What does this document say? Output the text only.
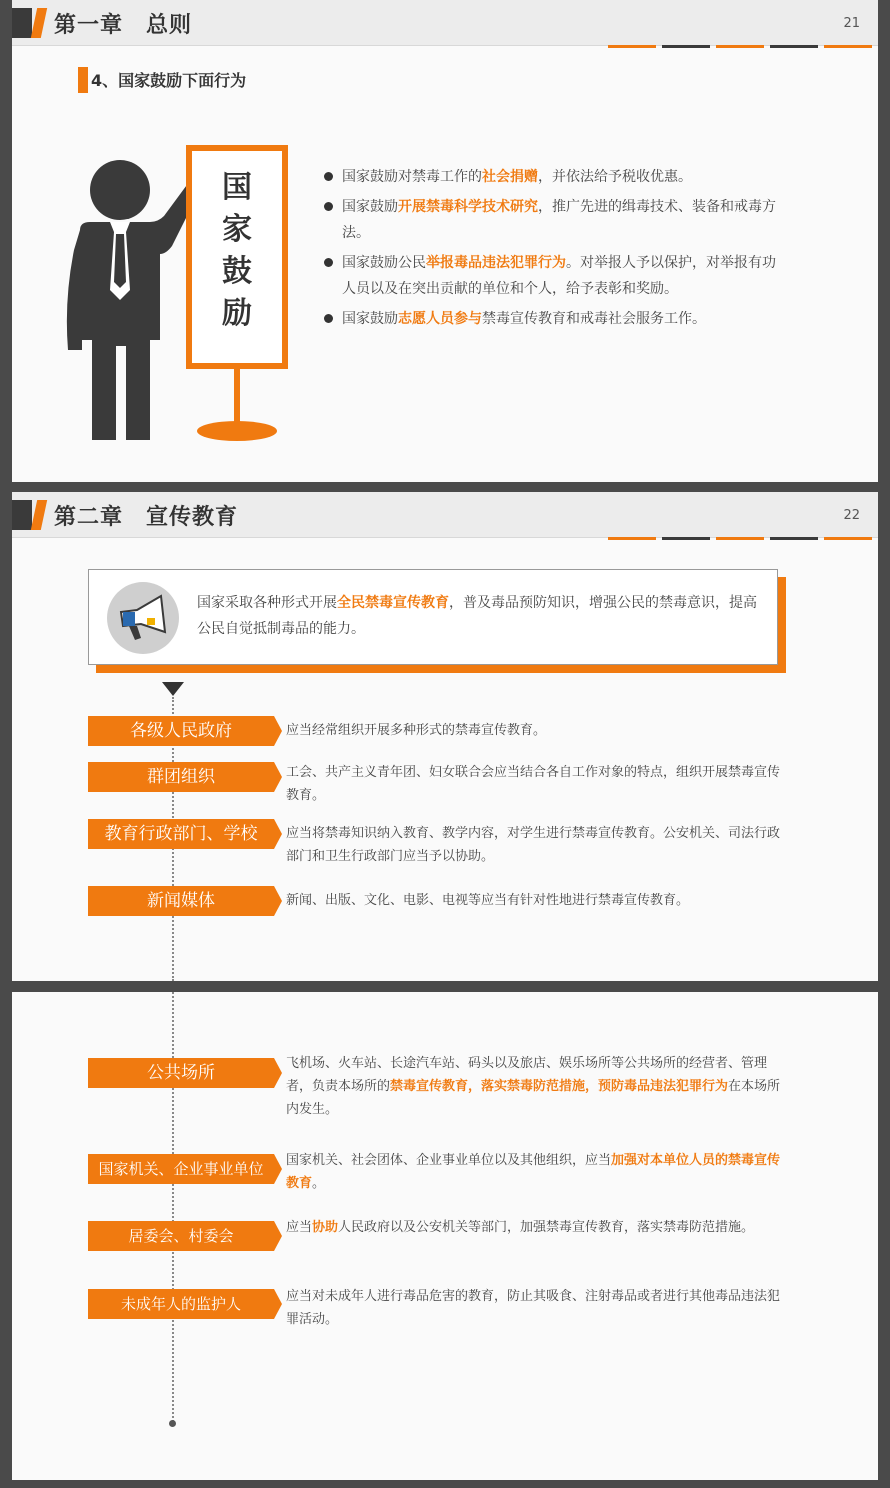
第一章　总则	21
4、国家鼓励下面行为
国
家
鼓
励
国家鼓励对禁毒工作的社会捐赠，并依法给予税收优惠。
国家鼓励开展禁毒科学技术研究，推广先进的缉毒技术、装备和戒毒方法。
国家鼓励公民举报毒品违法犯罪行为。对举报人予以保护，对举报有功人员以及在突出贡献的单位和个人，给予表彰和奖励。
国家鼓励志愿人员参与禁毒宣传教育和戒毒社会服务工作。
第二章　宣传教育	22
国家采取各种形式开展全民禁毒宣传教育，普及毒品预防知识，增强公民的禁毒意识，提高公民自觉抵制毒品的能力。
各级人民政府	应当经常组织开展多种形式的禁毒宣传教育。
群团组织	工会、共产主义青年团、妇女联合会应当结合各自工作对象的特点，组织开展禁毒宣传教育。
教育行政部门、学校	应当将禁毒知识纳入教育、教学内容，对学生进行禁毒宣传教育。公安机关、司法行政部门和卫生行政部门应当予以协助。
新闻媒体	新闻、出版、文化、电影、电视等应当有针对性地进行禁毒宣传教育。
公共场所	飞机场、火车站、长途汽车站、码头以及旅店、娱乐场所等公共场所的经营者、管理者，负责本场所的禁毒宣传教育，落实禁毒防范措施，预防毒品违法犯罪行为在本场所内发生。
国家机关、企业事业单位	国家机关、社会团体、企业事业单位以及其他组织，应当加强对本单位人员的禁毒宣传教育。
居委会、村委会	应当协助人民政府以及公安机关等部门，加强禁毒宣传教育，落实禁毒防范措施。
未成年人的监护人	应当对未成年人进行毒品危害的教育，防止其吸食、注射毒品或者进行其他毒品违法犯罪活动。
